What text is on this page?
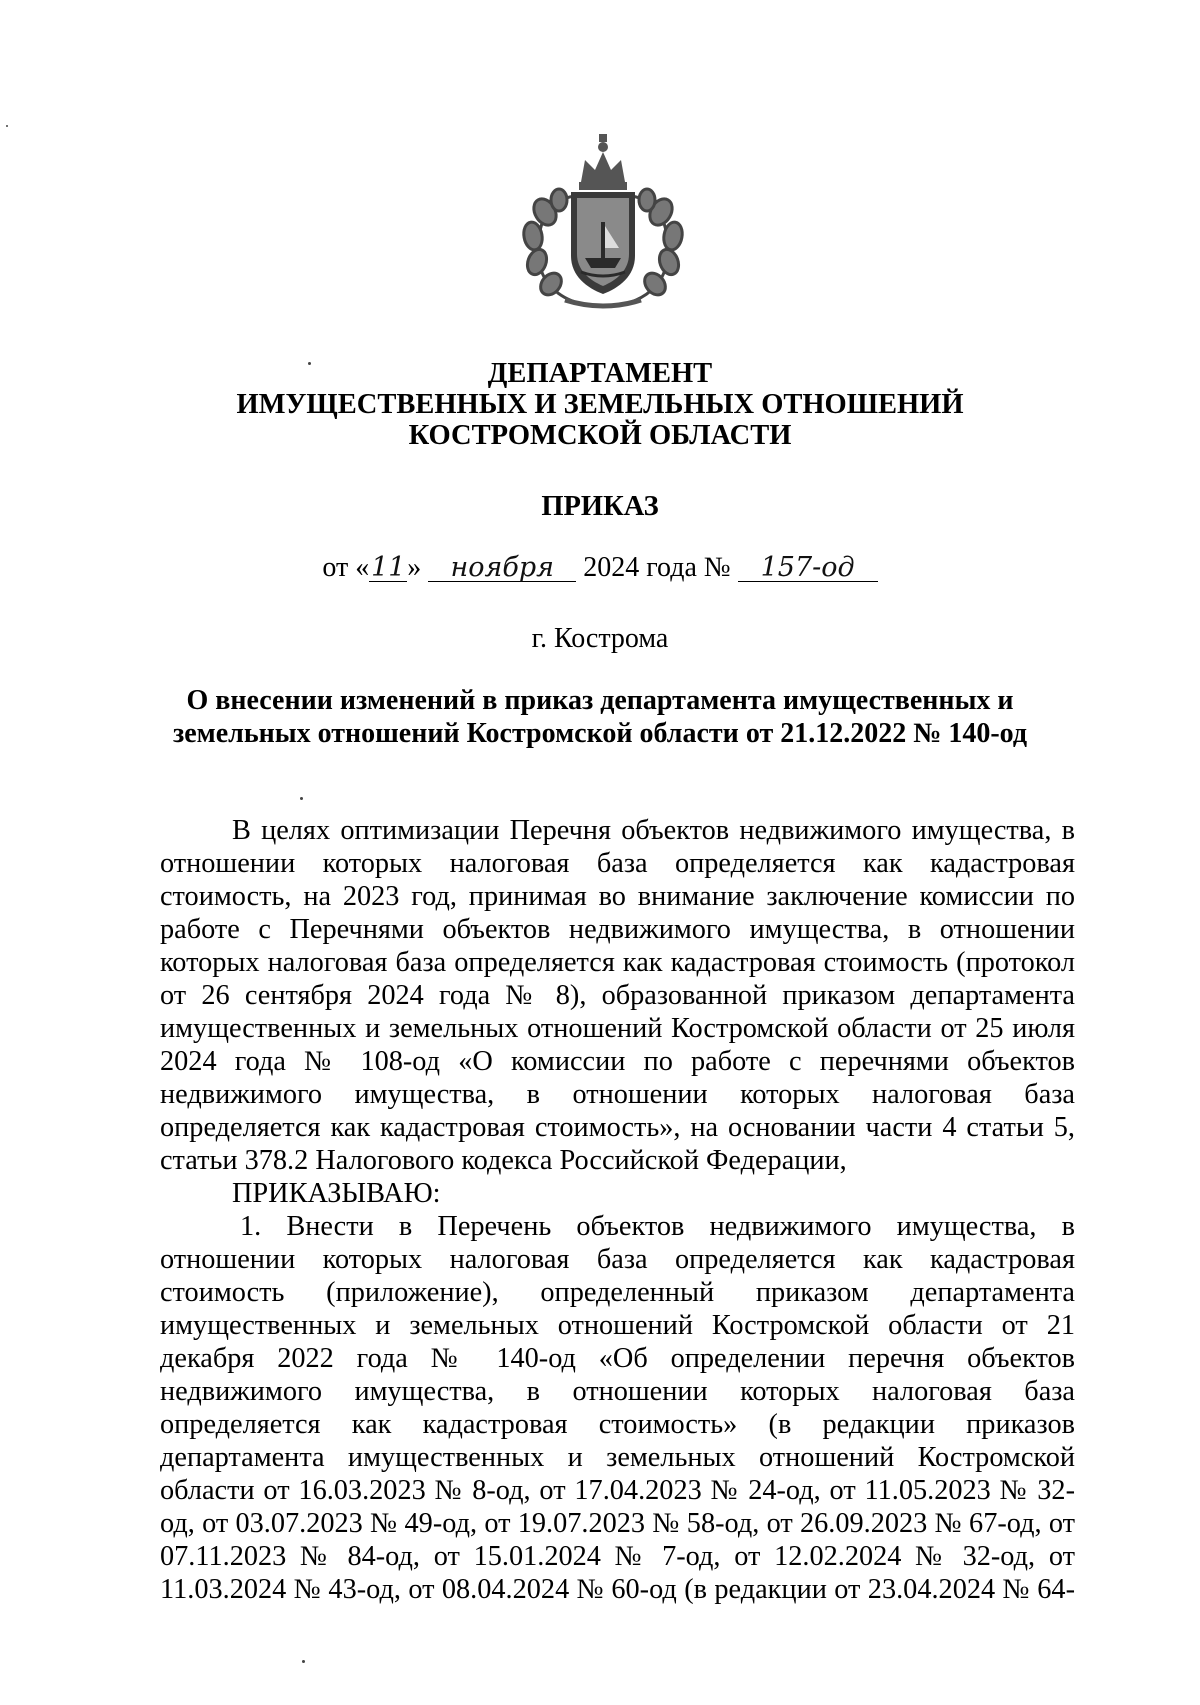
ДЕПАРТАМЕНТ
ИМУЩЕСТВЕННЫХ И ЗЕМЕЛЬНЫХ ОТНОШЕНИЙ
КОСТРОМСКОЙ ОБЛАСТИ
ПРИКАЗ
от «11» ноября 2024 года № 157-од
г. Кострома
О внесении изменений в приказ департамента имущественных и
земельных отношений Костромской области от 21.12.2022 № 140-од
В целях оптимизации Перечня объектов недвижимого имущества, в
отношении которых налоговая база определяется как кадастровая
стоимость, на 2023 год, принимая во внимание заключение комиссии по
работе с Перечнями объектов недвижимого имущества, в отношении
которых налоговая база определяется как кадастровая стоимость (протокол
от 26 сентября 2024 года № 8), образованной приказом департамента
имущественных и земельных отношений Костромской области от 25 июля
2024 года № 108-од «О комиссии по работе с перечнями объектов
недвижимого имущества, в отношении которых налоговая база
определяется как кадастровая стоимость», на основании части 4 статьи 5,
статьи 378.2 Налогового кодекса Российской Федерации,
ПРИКАЗЫВАЮ:
1. Внести в Перечень объектов недвижимого имущества, в
отношении которых налоговая база определяется как кадастровая
стоимость (приложение), определенный приказом департамента
имущественных и земельных отношений Костромской области от 21
декабря 2022 года № 140-од «Об определении перечня объектов
недвижимого имущества, в отношении которых налоговая база
определяется как кадастровая стоимость» (в редакции приказов
департамента имущественных и земельных отношений Костромской
области от 16.03.2023 № 8-од, от 17.04.2023 № 24-од, от 11.05.2023 № 32-
од, от 03.07.2023 № 49-од, от 19.07.2023 № 58-од, от 26.09.2023 № 67-од, от
07.11.2023 № 84-од, от 15.01.2024 № 7-од, от 12.02.2024 № 32-од, от
11.03.2024 № 43-од, от 08.04.2024 № 60-од (в редакции от 23.04.2024 № 64-
